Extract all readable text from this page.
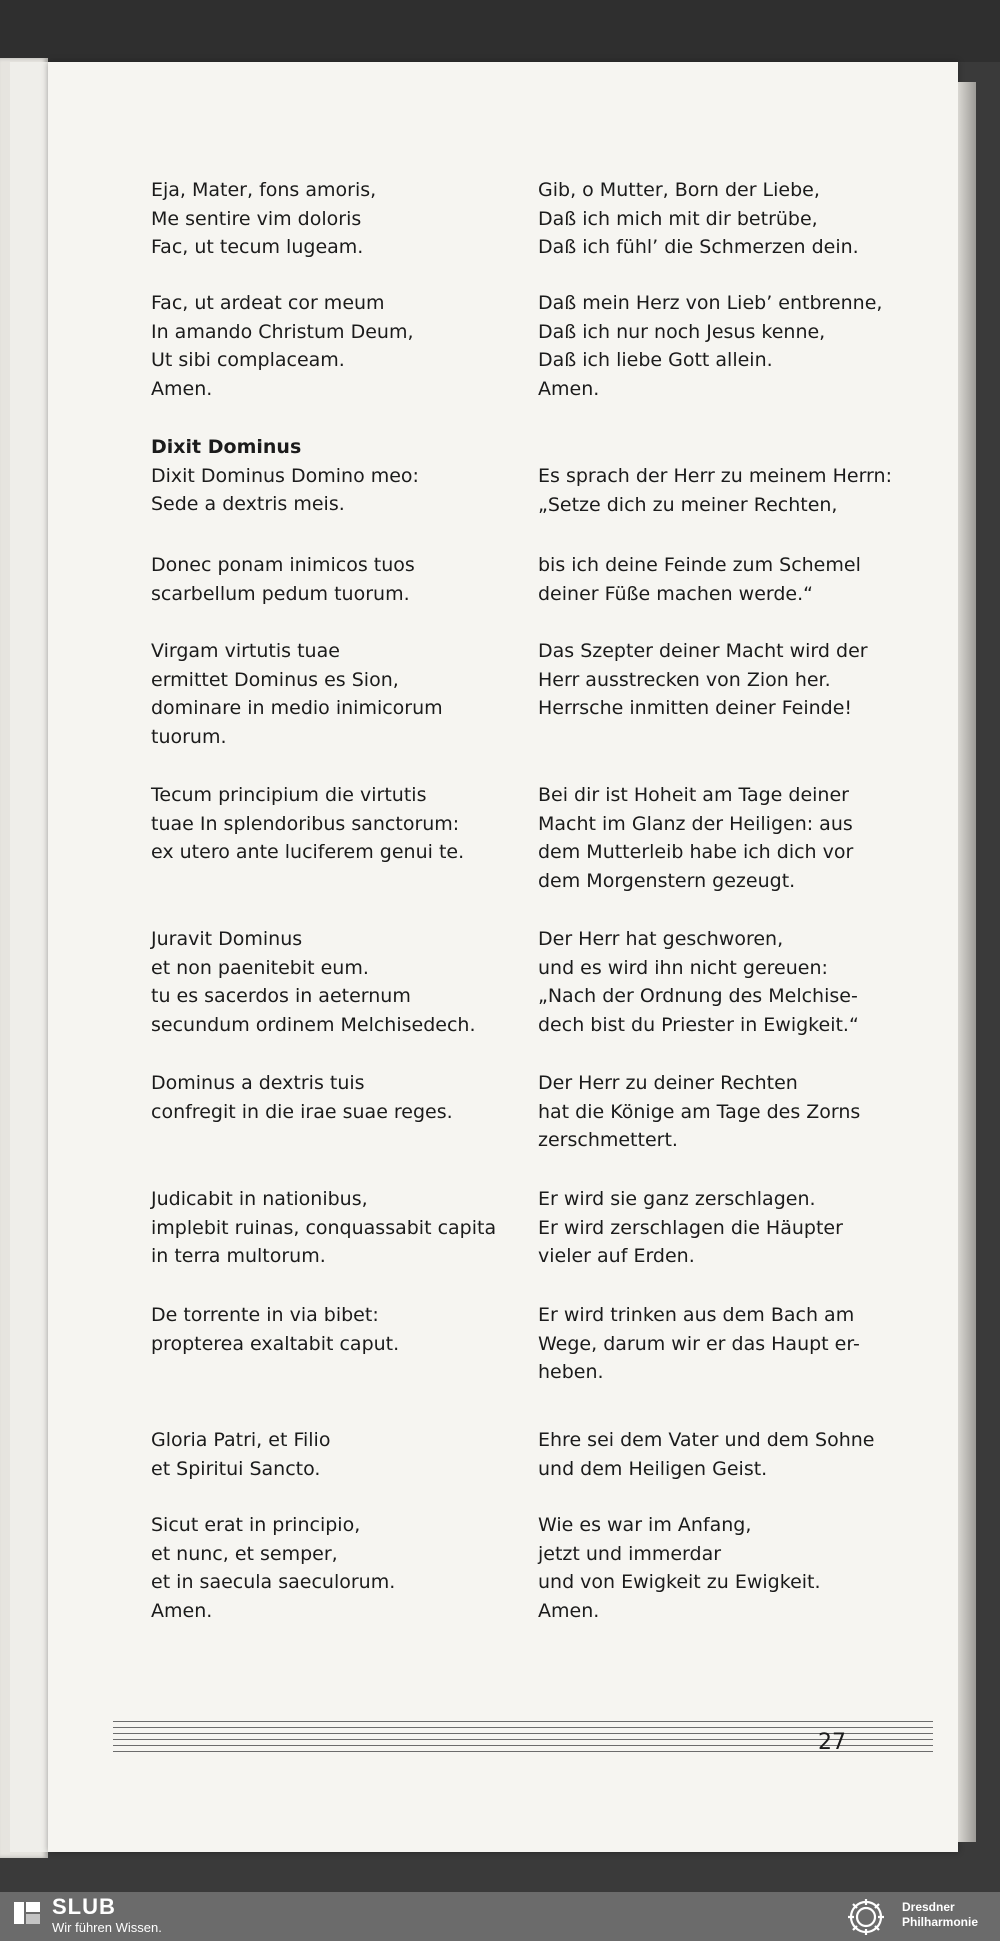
Eja, Mater, fons amoris,

Me sentire vim doloris

Fac, ut tecum lugeam.

Fac, ut ardeat cor meum

In amando Christum Deum,

Ut sibi complaceam.

Amen.

Dixit Dominus

Dixit Dominus Domino meo:

Sede a dextris meis.

Donec ponam inimicos tuos

scarbellum pedum tuorum.

Virgam virtutis tuae

ermittet Dominus es Sion,

dominare in medio inimicorum

tuorum.

Tecum principium die virtutis

tuae In splendoribus sanctorum:

ex utero ante luciferem genui te.

Juravit Dominus

et non paenitebit eum.

tu es sacerdos in aeternum

secundum ordinem Melchisedech.

Dominus a dextris tuis

confregit in die irae suae reges.

Judicabit in nationibus,

implebit ruinas, conquassabit capita

in terra multorum.

De torrente in via bibet:

propterea exaltabit caput.

Gloria Patri, et Filio

et Spiritui Sancto.

Sicut erat in principio,

et nunc, et semper,

et in saecula saeculorum.

Amen.

Gib, o Mutter, Born der Liebe,

Daß ich mich mit dir betrübe,

Daß ich fühl’ die Schmerzen dein.

Daß mein Herz von Lieb’ entbrenne,

Daß ich nur noch Jesus kenne,

Daß ich liebe Gott allein.

Amen.

Es sprach der Herr zu meinem Herrn:

„Setze dich zu meiner Rechten,

bis ich deine Feinde zum Schemel

deiner Füße machen werde.“

Das Szepter deiner Macht wird der

Herr ausstrecken von Zion her.

Herrsche inmitten deiner Feinde!

Bei dir ist Hoheit am Tage deiner

Macht im Glanz der Heiligen: aus

dem Mutterleib habe ich dich vor

dem Morgenstern gezeugt.

Der Herr hat geschworen,

und es wird ihn nicht gereuen:

„Nach der Ordnung des Melchise-

dech bist du Priester in Ewigkeit.“

Der Herr zu deiner Rechten

hat die Könige am Tage des Zorns

zerschmettert.

Er wird sie ganz zerschlagen.

Er wird zerschlagen die Häupter

vieler auf Erden.

Er wird trinken aus dem Bach am

Wege, darum wir er das Haupt er-

heben.

Ehre sei dem Vater und dem Sohne

und dem Heiligen Geist.

Wie es war im Anfang,

jetzt und immerdar

und von Ewigkeit zu Ewigkeit.

Amen.

27
SLUB
Wir führen Wissen.
Dresdner
Philharmonie
